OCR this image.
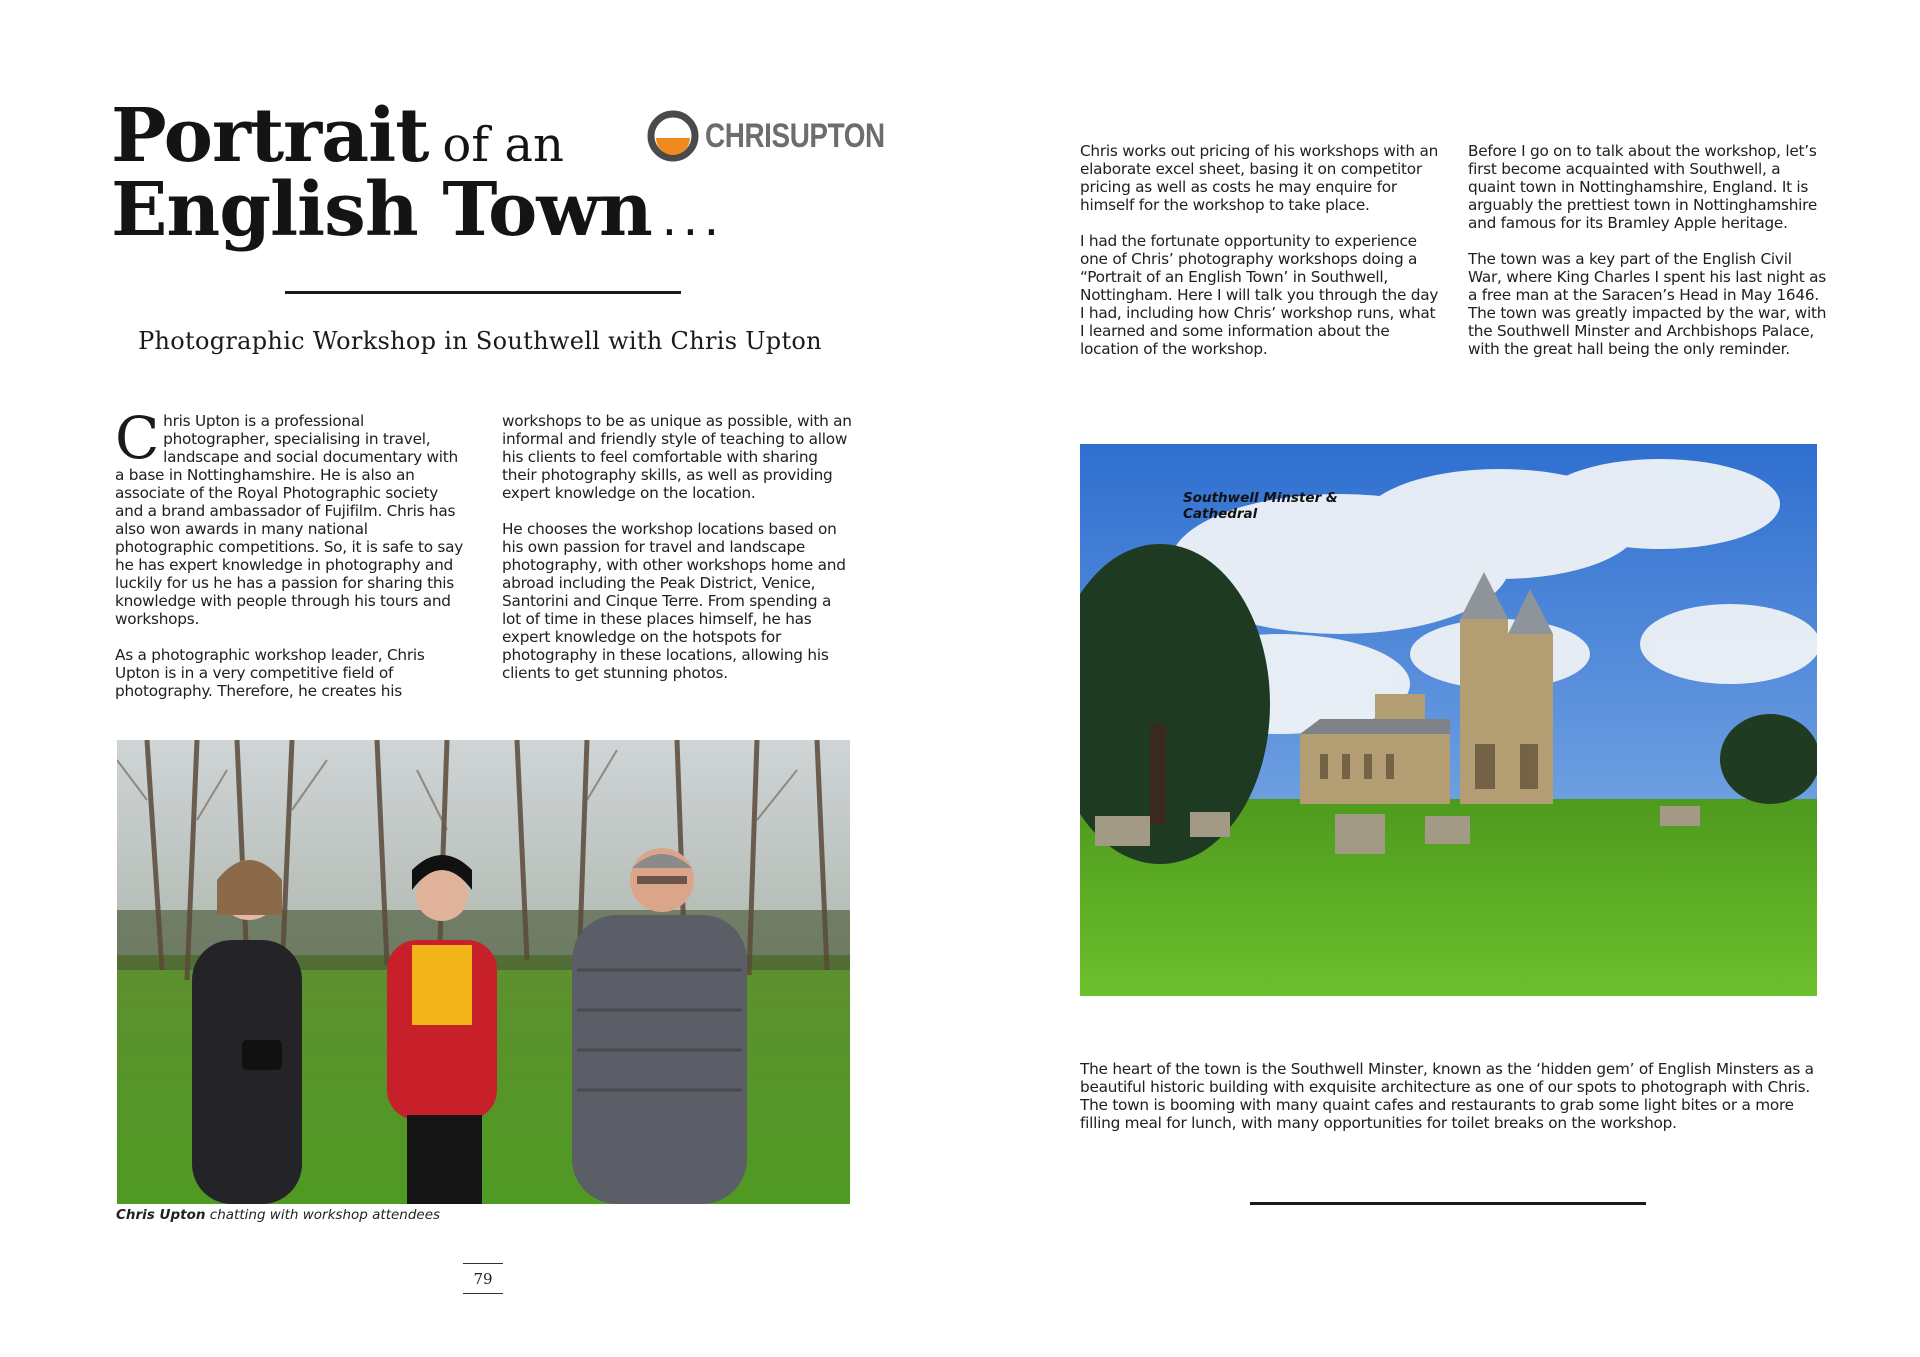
Portrait of an
English Town ...
CHRISUPTON
Photographic Workshop in Southwell with Chris Upton

Chris Upton is a professional photographer, specialising in travel, landscape and social documentary with a base in Nottinghamshire. He is also an associate of the Royal Photographic society and a brand ambassador of Fujifilm. Chris has also won awards in many national photographic competitions. So, it is safe to say he has expert knowledge in photography and luckily for us he has a passion for sharing this knowledge with people through his tours and workshops.

As a photographic workshop leader, Chris Upton is in a very competitive field of photography. Therefore, he creates his

workshops to be as unique as possible, with an informal and friendly style of teaching to allow his clients to feel comfortable with sharing their photography skills, as well as providing expert knowledge on the location.

He chooses the workshop locations based on his own passion for travel and landscape photography, with other workshops home and abroad including the Peak District, Venice, Santorini and Cinque Terre. From spending a lot of time in these places himself, he has expert knowledge on the hotspots for photography in these locations, allowing his clients to get stunning photos.

Chris Upton chatting with workshop attendees

Chris works out pricing of his workshops with an elaborate excel sheet, basing it on competitor pricing as well as costs he may enquire for himself for the workshop to take place.

I had the fortunate opportunity to experience one of Chris’ photography workshops doing a “Portrait of an English Town’ in Southwell, Nottingham. Here I will talk you through the day I had, including how Chris’ workshop runs, what I learned and some information about the location of the workshop.

Before I go on to talk about the workshop, let’s first become acquainted with Southwell, a quaint town in Nottinghamshire, England. It is arguably the prettiest town in Nottinghamshire and famous for its Bramley Apple heritage.

The town was a key part of the English Civil War, where King Charles I spent his last night as a free man at the Saracen’s Head in May 1646. The town was greatly impacted by the war, with the Southwell Minster and Archbishops Palace, with the great hall being the only reminder.

Southwell Minster & Cathedral
The heart of the town is the Southwell Minster, known as the ‘hidden gem’ of English Minsters as a beautiful historic building with exquisite architecture as one of our spots to photograph with Chris. The town is booming with many quaint cafes and restaurants to grab some light bites or a more filling meal for lunch, with many opportunities for toilet breaks on the workshop.
79
